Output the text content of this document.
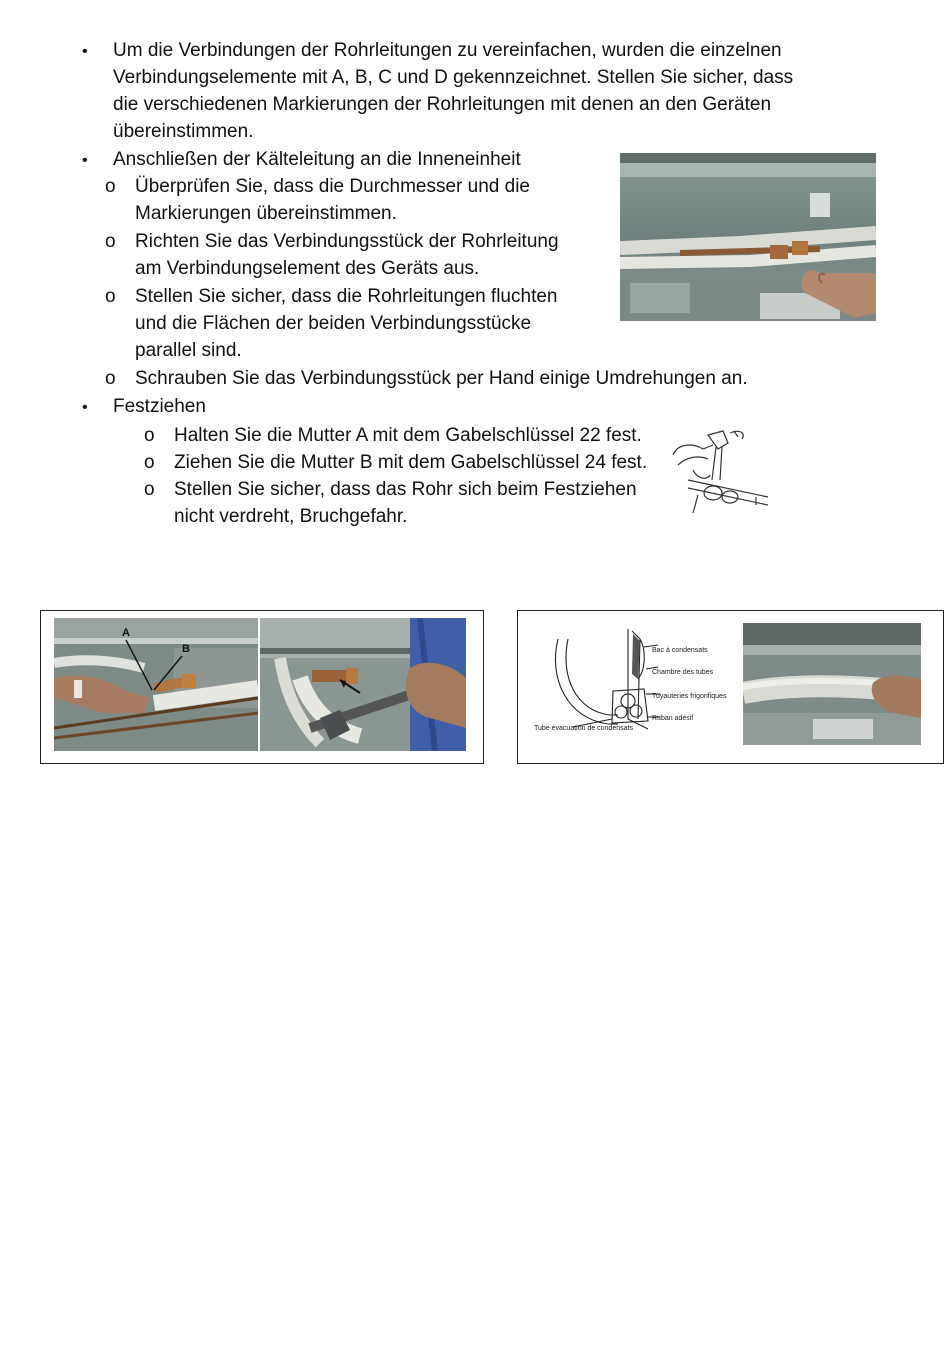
• Um die Verbindungen der Rohrleitungen zu vereinfachen, wurden die einzelnen
Verbindungselemente mit A, B, C und D gekennzeichnet. Stellen Sie sicher, dass
die verschiedenen Markierungen der Rohrleitungen mit denen an den Geräten
übereinstimmen.
• Anschließen der Kälteleitung an die Inneneinheit
o Überprüfen Sie, dass die Durchmesser und die
Markierungen übereinstimmen.
o Richten Sie das Verbindungsstück der Rohrleitung
am Verbindungselement des Geräts aus.
o Stellen Sie sicher, dass die Rohrleitungen fluchten
und die Flächen der beiden Verbindungsstücke
parallel sind.
o Schrauben Sie das Verbindungsstück per Hand einige Umdrehungen an.
• Festziehen
o Halten Sie die Mutter A mit dem Gabelschlüssel 22 fest.
o Ziehen Sie die Mutter B mit dem Gabelschlüssel 24 fest.
o Stellen Sie sicher, dass das Rohr sich beim Festziehen
nicht verdreht, Bruchgefahr.
A
B	Bac à condensats
Chambre des tubes
Tuyauteries frigorifiques
Ruban adésif
Tube évacuation de condensats
